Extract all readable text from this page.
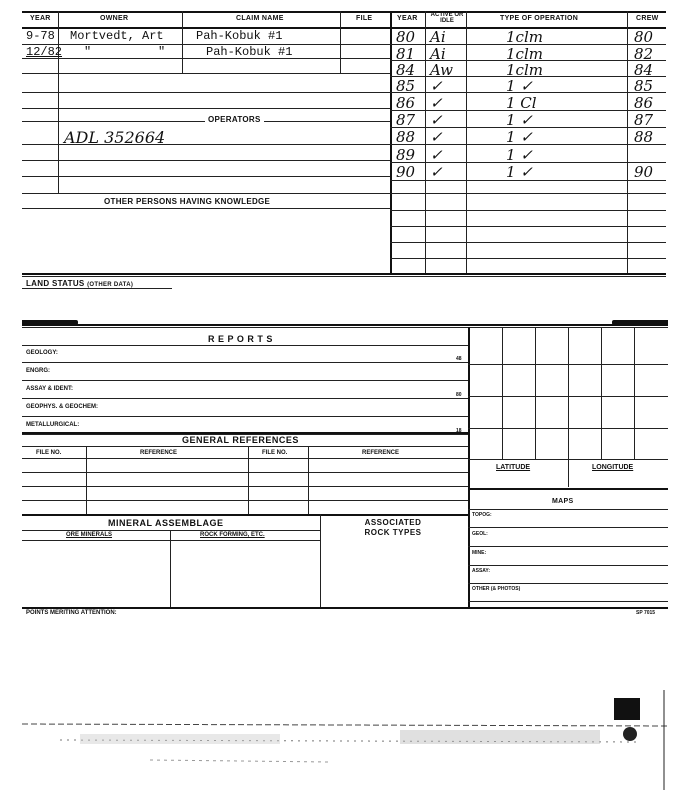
YEAR	OWNER	CLAIM NAME	FILE	YEAR ACTIVE OR IDLE	TYPE OF OPERATION	CREW
9-78 Mortvedt, Art	Pah-Kobuk #1
12/82 "	"	Pah-Kobuk #1
80 Ai	1clm	80
81 Ai	1clm	82
84 Aw	1clm	84
85 ✓	1 ✓	85
86 ✓	1 Cl	86
87 ✓	1 ✓	87
88 ✓	1 ✓	88
89 ✓	1 ✓
90 ✓	1 ✓	90
OPERATORS
ADL 352664
OTHER PERSONS HAVING KNOWLEDGE
LAND STATUS (OTHER DATA)
R E P O R T S
GEOLOGY:
48
ENGRG:
ASSAY & IDENT:
80
GEOPHYS. & GEOCHEM:
METALLURGICAL:
18
GENERAL REFERENCES
FILE NO.	REFERENCE	FILE NO.	REFERENCE
LATITUDE	LONGITUDE
MAPS
TOPOG:
GEOL:
MINE:
ASSAY:
OTHER (& PHOTOS)
MINERAL ASSEMBLAGE	ASSOCIATED ROCK TYPES
ORE MINERALS	ROCK FORMING, ETC.
POINTS MERITING ATTENTION:	SP 7015
